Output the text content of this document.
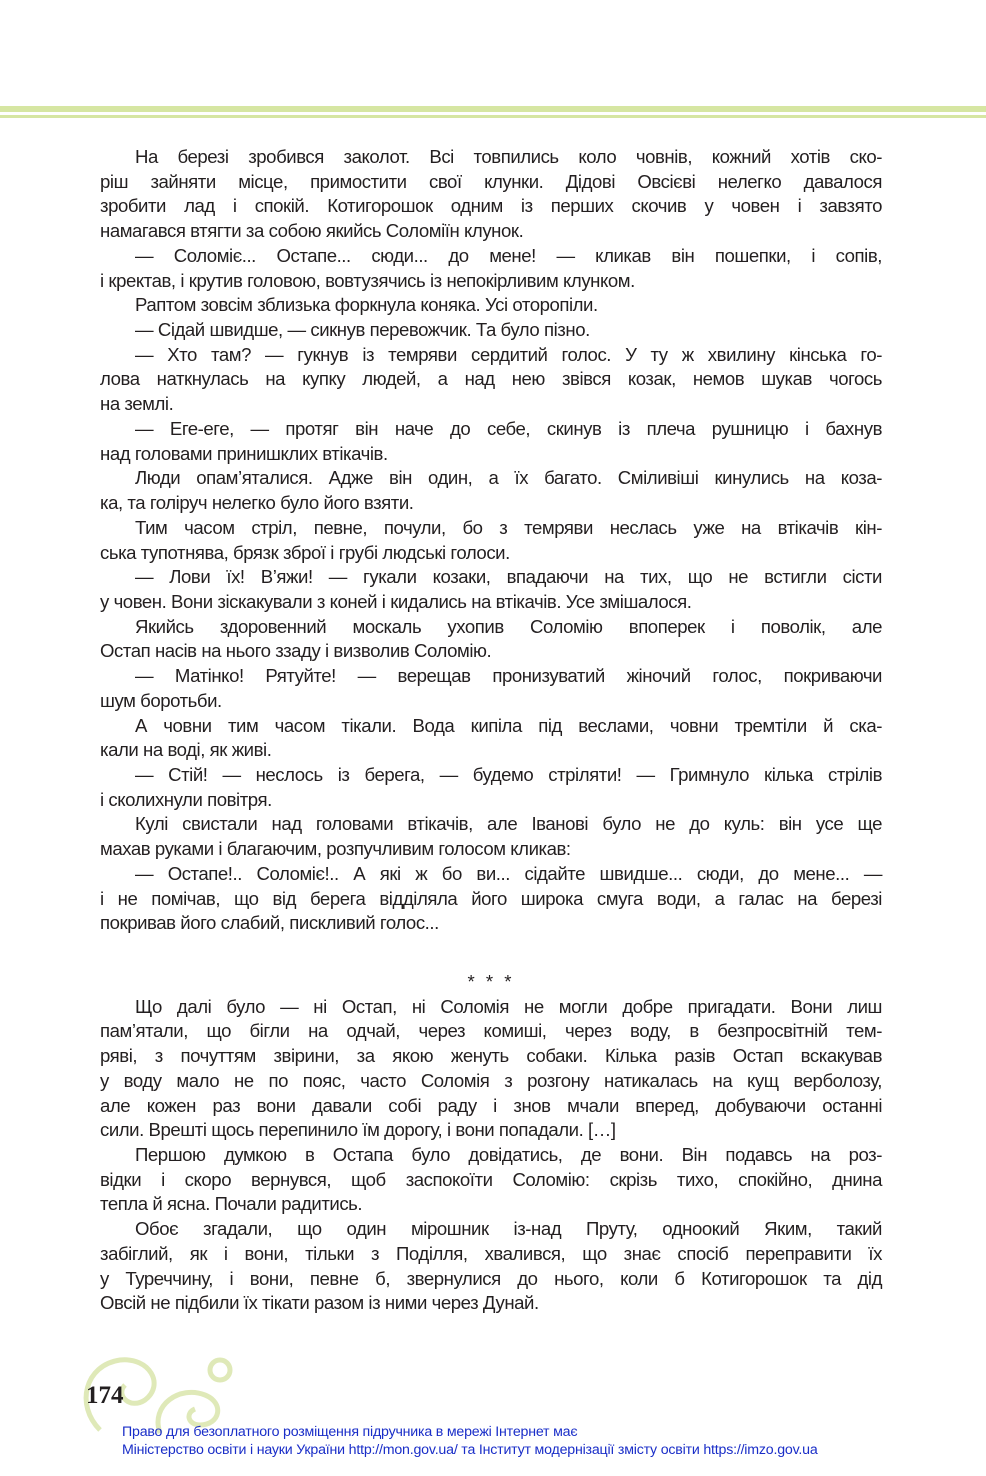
На березі зробився заколот. Всі товпились коло човнів, кожний хотів ско-
ріш зайняти місце, примостити свої клунки. Дідові Овсієві нелегко давалося
зробити лад і спокій. Котигорошок одним із перших скочив у човен і завзято
намагався втягти за собою якийсь Соломіїн клунок.
— Соломіє... Остапе... сюди... до мене! — кликав він пошепки, і сопів,
і кректав, і крутив головою, вовтузячись із непокірливим клунком.
Раптом зовсім зблизька форкнула коняка. Усі оторопіли.
— Сідай швидше, — сикнув перевожчик. Та було пізно.
— Хто там? — гукнув із темряви сердитий голос. У ту ж хвилину кінська го-
лова наткнулась на купку людей, а над нею звівся козак, немов шукав чогось
на землі.
— Еге-еге, — протяг він наче до себе, скинув із плеча рушницю і бахнув
над головами принишклих втікачів.
Люди опам’яталися. Адже він один, а їх багато. Сміливіші кинулись на коза-
ка, та голіруч нелегко було його взяти.
Тим часом стріл, певне, почули, бо з темряви неслась уже на втікачів кін-
ська тупотнява, брязк зброї і грубі людські голоси.
— Лови їх! В’яжи! — гукали козаки, впадаючи на тих, що не встигли сісти
у човен. Вони зіскакували з коней і кидались на втікачів. Усе змішалося.
Якийсь здоровенний москаль ухопив Соломію впоперек і поволік, але
Остап насів на нього ззаду і визволив Соломію.
— Матінко! Рятуйте! — верещав пронизуватий жіночий голос, покриваючи
шум боротьби.
А човни тим часом тікали. Вода кипіла під веслами, човни тремтіли й ска-
кали на воді, як живі.
— Стій! — неслось із берега, — будемо стріляти! — Гримнуло кілька стрілів
і сколихнули повітря.
Кулі свистали над головами втікачів, але Іванові було не до куль: він усе ще
махав руками і благаючим, розпучливим голосом кликав:
— Остапе!.. Соломіє!.. А які ж бо ви... сідайте швидше... сюди, до мене... —
і не помічав, що від берега відділяла його широка смуга води, а галас на березі
покривав його слабий, пискливий голос...
* * *
Що далі було — ні Остап, ні Соломія не могли добре пригадати. Вони лиш
пам’ятали, що бігли на одчай, через комиші, через воду, в безпросвітній тем-
ряві, з почуттям звірини, за якою женуть собаки. Кілька разів Остап вскакував
у воду мало не по пояс, часто Соломія з розгону натикалась на кущ верболозу,
але кожен раз вони давали собі раду і знов мчали вперед, добуваючи останні
сили. Врешті щось перепинило їм дорогу, і вони попадали. […]
Першою думкою в Остапа було довідатись, де вони. Він подавсь на роз-
відки і скоро вернувся, щоб заспокоїти Соломію: скрізь тихо, спокійно, днина
тепла й ясна. Почали радитись.
Обоє згадали, що один мірошник із-над Пруту, одноокий Яким, такий
забіглий, як і вони, тільки з Поділля, хвалився, що знає спосіб переправити їх
у Туреччину, і вони, певне б, звернулися до нього, коли б Котигорошок та дід
Овсій не підбили їх тікати разом із ними через Дунай.
174
Право для безоплатного розміщення підручника в мережі Інтернет має
Міністерство освіти і науки України http://mon.gov.ua/ та Інститут модернізації змісту освіти https://imzo.gov.ua
